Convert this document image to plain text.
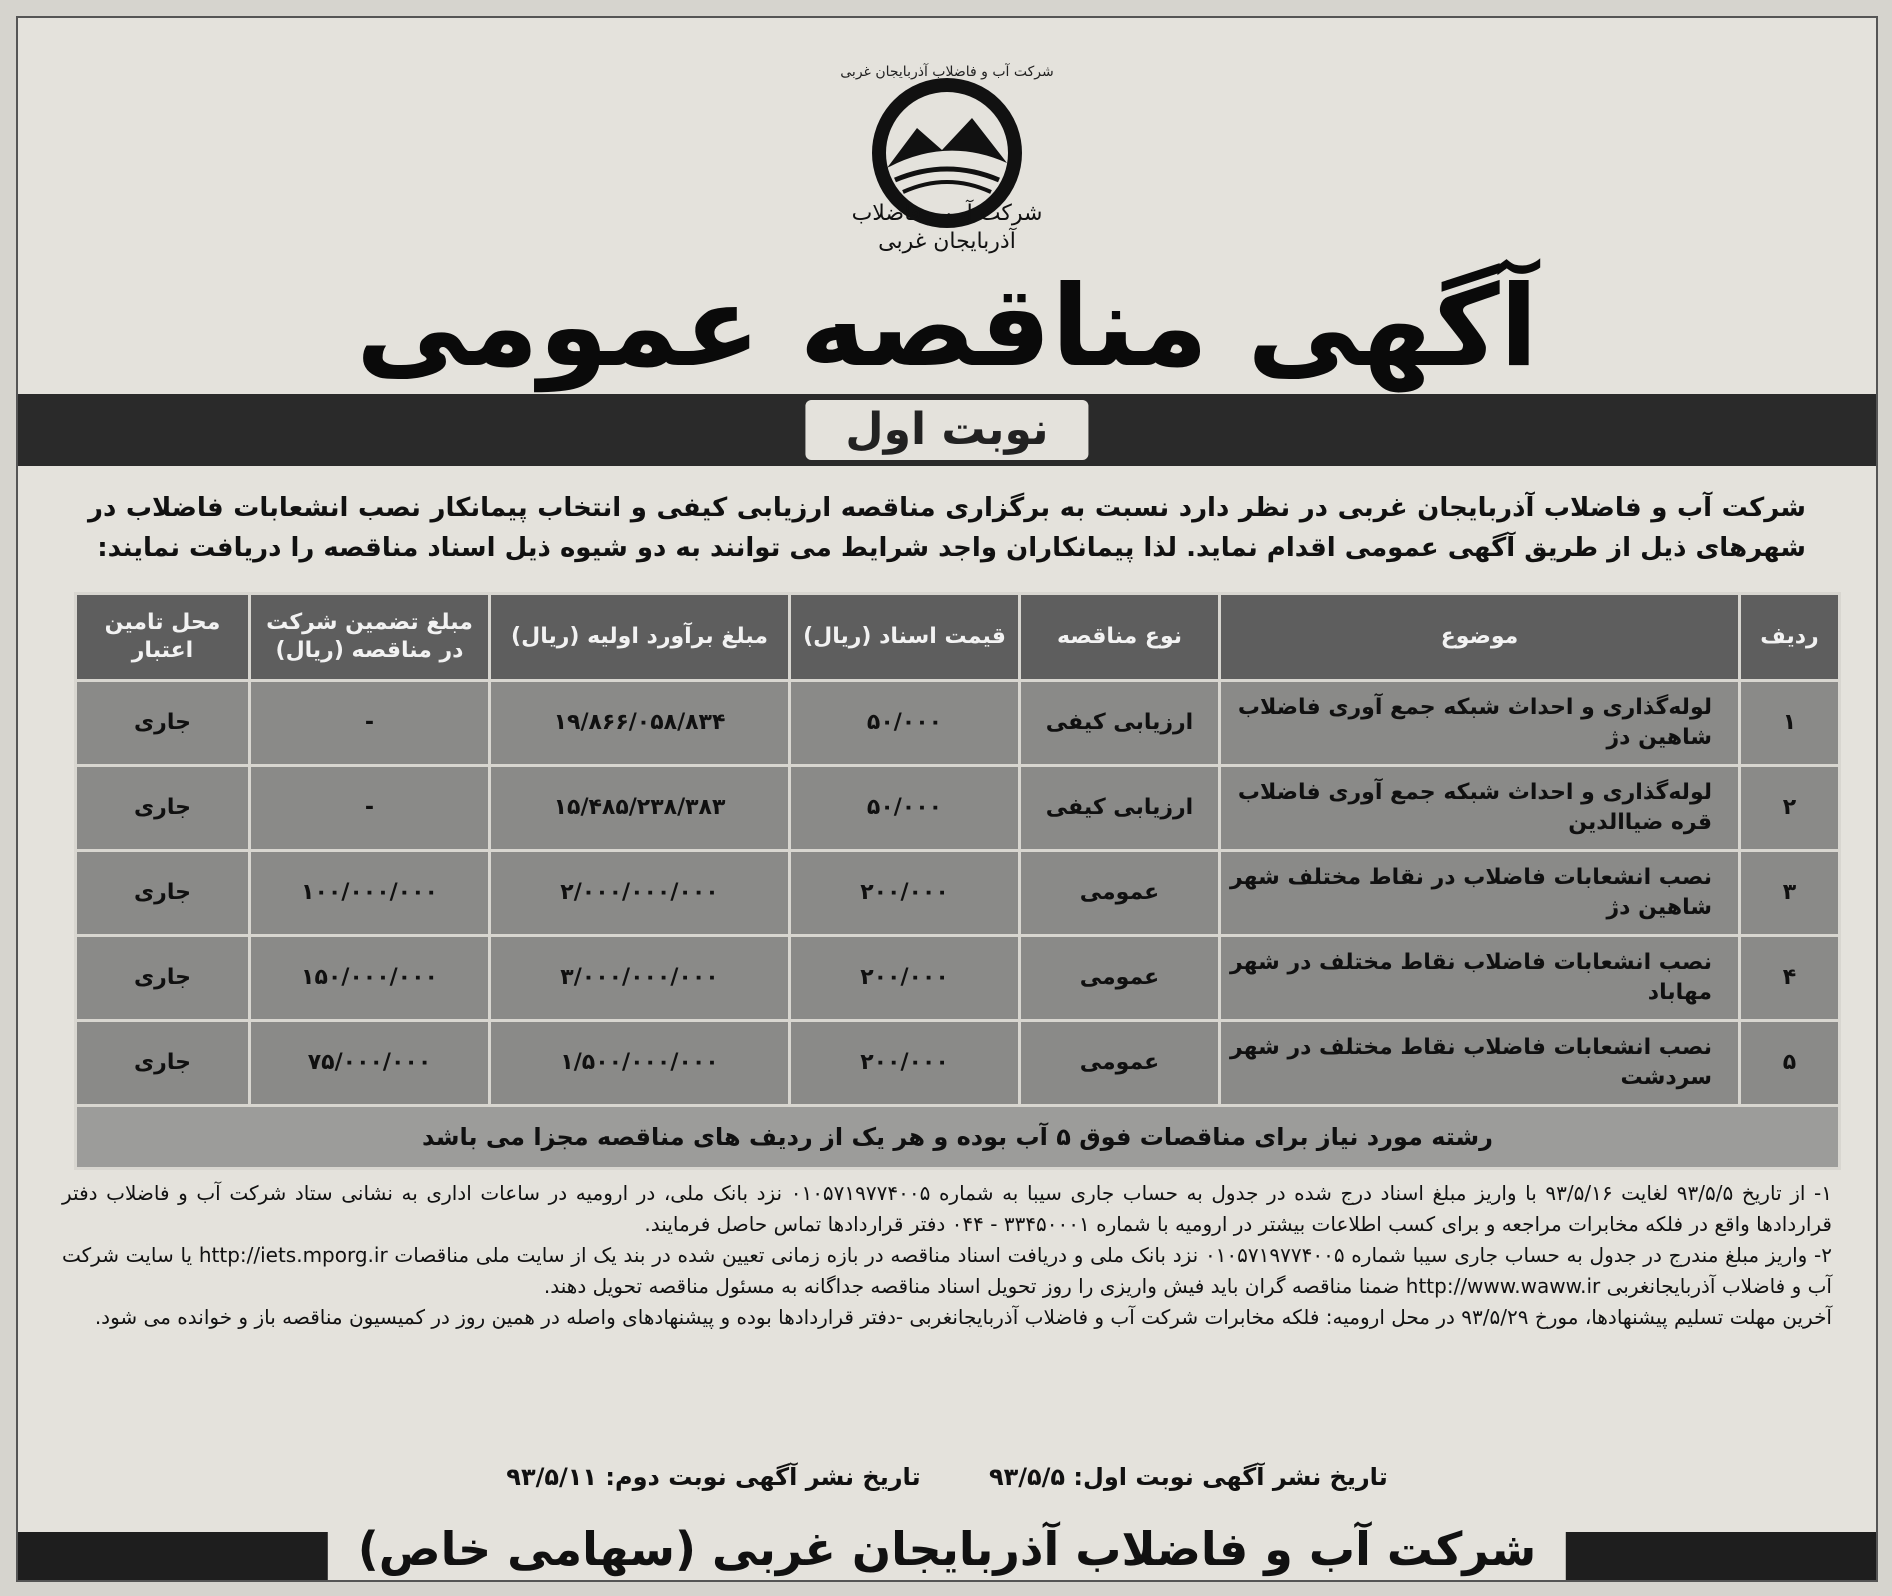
شرکت آب و فاضلاب آذربایجان غربی
شرکت آب و فاضلاب
آذربایجان غربی
آگهی مناقصه عمومی
نوبت اول
شرکت آب و فاضلاب آذربایجان غربی در نظر دارد نسبت به برگزاری مناقصه ارزیابی کیفی و انتخاب پیمانکار نصب انشعابات فاضلاب در شهرهای ذیل از طریق آگهی عمومی اقدام نماید. لذا پیمانکاران واجد شرایط می توانند به دو شیوه ذیل اسناد مناقصه را دریافت نمایند:
ردیف	موضوع	نوع مناقصه	قیمت اسناد (ریال)	مبلغ برآورد اولیه (ریال)	مبلغ تضمین شرکت در مناقصه (ریال)	محل تامین اعتبار
۱	لوله‌گذاری و احداث شبکه جمع آوری فاضلاب شاهین دژ	ارزیابی کیفی	۵۰/۰۰۰	۱۹/۸۶۶/۰۵۸/۸۳۴	-	جاری
۲	لوله‌گذاری و احداث شبکه جمع آوری فاضلاب قره ضیاالدین	ارزیابی کیفی	۵۰/۰۰۰	۱۵/۴۸۵/۲۳۸/۳۸۳	-	جاری
۳	نصب انشعابات فاضلاب در نقاط مختلف شهر شاهین دژ	عمومی	۲۰۰/۰۰۰	۲/۰۰۰/۰۰۰/۰۰۰	۱۰۰/۰۰۰/۰۰۰	جاری
۴	نصب انشعابات فاضلاب نقاط مختلف در شهر مهاباد	عمومی	۲۰۰/۰۰۰	۳/۰۰۰/۰۰۰/۰۰۰	۱۵۰/۰۰۰/۰۰۰	جاری
۵	نصب انشعابات فاضلاب نقاط مختلف در شهر سردشت	عمومی	۲۰۰/۰۰۰	۱/۵۰۰/۰۰۰/۰۰۰	۷۵/۰۰۰/۰۰۰	جاری
رشته مورد نیاز برای مناقصات فوق ۵ آب بوده و هر یک از ردیف های مناقصه مجزا می باشد						
۱- از تاریخ ۹۳/۵/۵ لغایت ۹۳/۵/۱۶ با واریز مبلغ اسناد درج شده در جدول به حساب جاری سیبا به شماره ۰۱۰۵۷۱۹۷۷۴۰۰۵ نزد بانک ملی، در ارومیه در ساعات اداری به نشانی ستاد شرکت آب و فاضلاب دفتر قراردادها واقع در فلکه مخابرات مراجعه و برای کسب اطلاعات بیشتر در ارومیه با شماره ۳۳۴۵۰۰۰۱ - ۰۴۴ دفتر قراردادها تماس حاصل فرمایند.
۲- واریز مبلغ مندرج در جدول به حساب جاری سیبا شماره ۰۱۰۵۷۱۹۷۷۴۰۰۵ نزد بانک ملی و دریافت اسناد مناقصه در بازه زمانی تعیین شده در بند یک از سایت ملی مناقصات http://iets.mporg.ir یا سایت شرکت آب و فاضلاب آذربایجانغربی http://www.waww.ir ضمنا مناقصه گران باید فیش واریزی را روز تحویل اسناد مناقصه جداگانه به مسئول مناقصه تحویل دهند.
آخرین مهلت تسلیم پیشنهادها، مورخ ۹۳/۵/۲۹ در محل ارومیه: فلکه مخابرات شرکت آب و فاضلاب آذربایجانغربی -دفتر قراردادها بوده و پیشنهادهای واصله در همین روز در کمیسیون مناقصه باز و خوانده می شود.
تاریخ نشر آگهی نوبت اول: ۹۳/۵/۵ تاریخ نشر آگهی نوبت دوم: ۹۳/۵/۱۱
شرکت آب و فاضلاب آذربایجان غربی (سهامی خاص)
